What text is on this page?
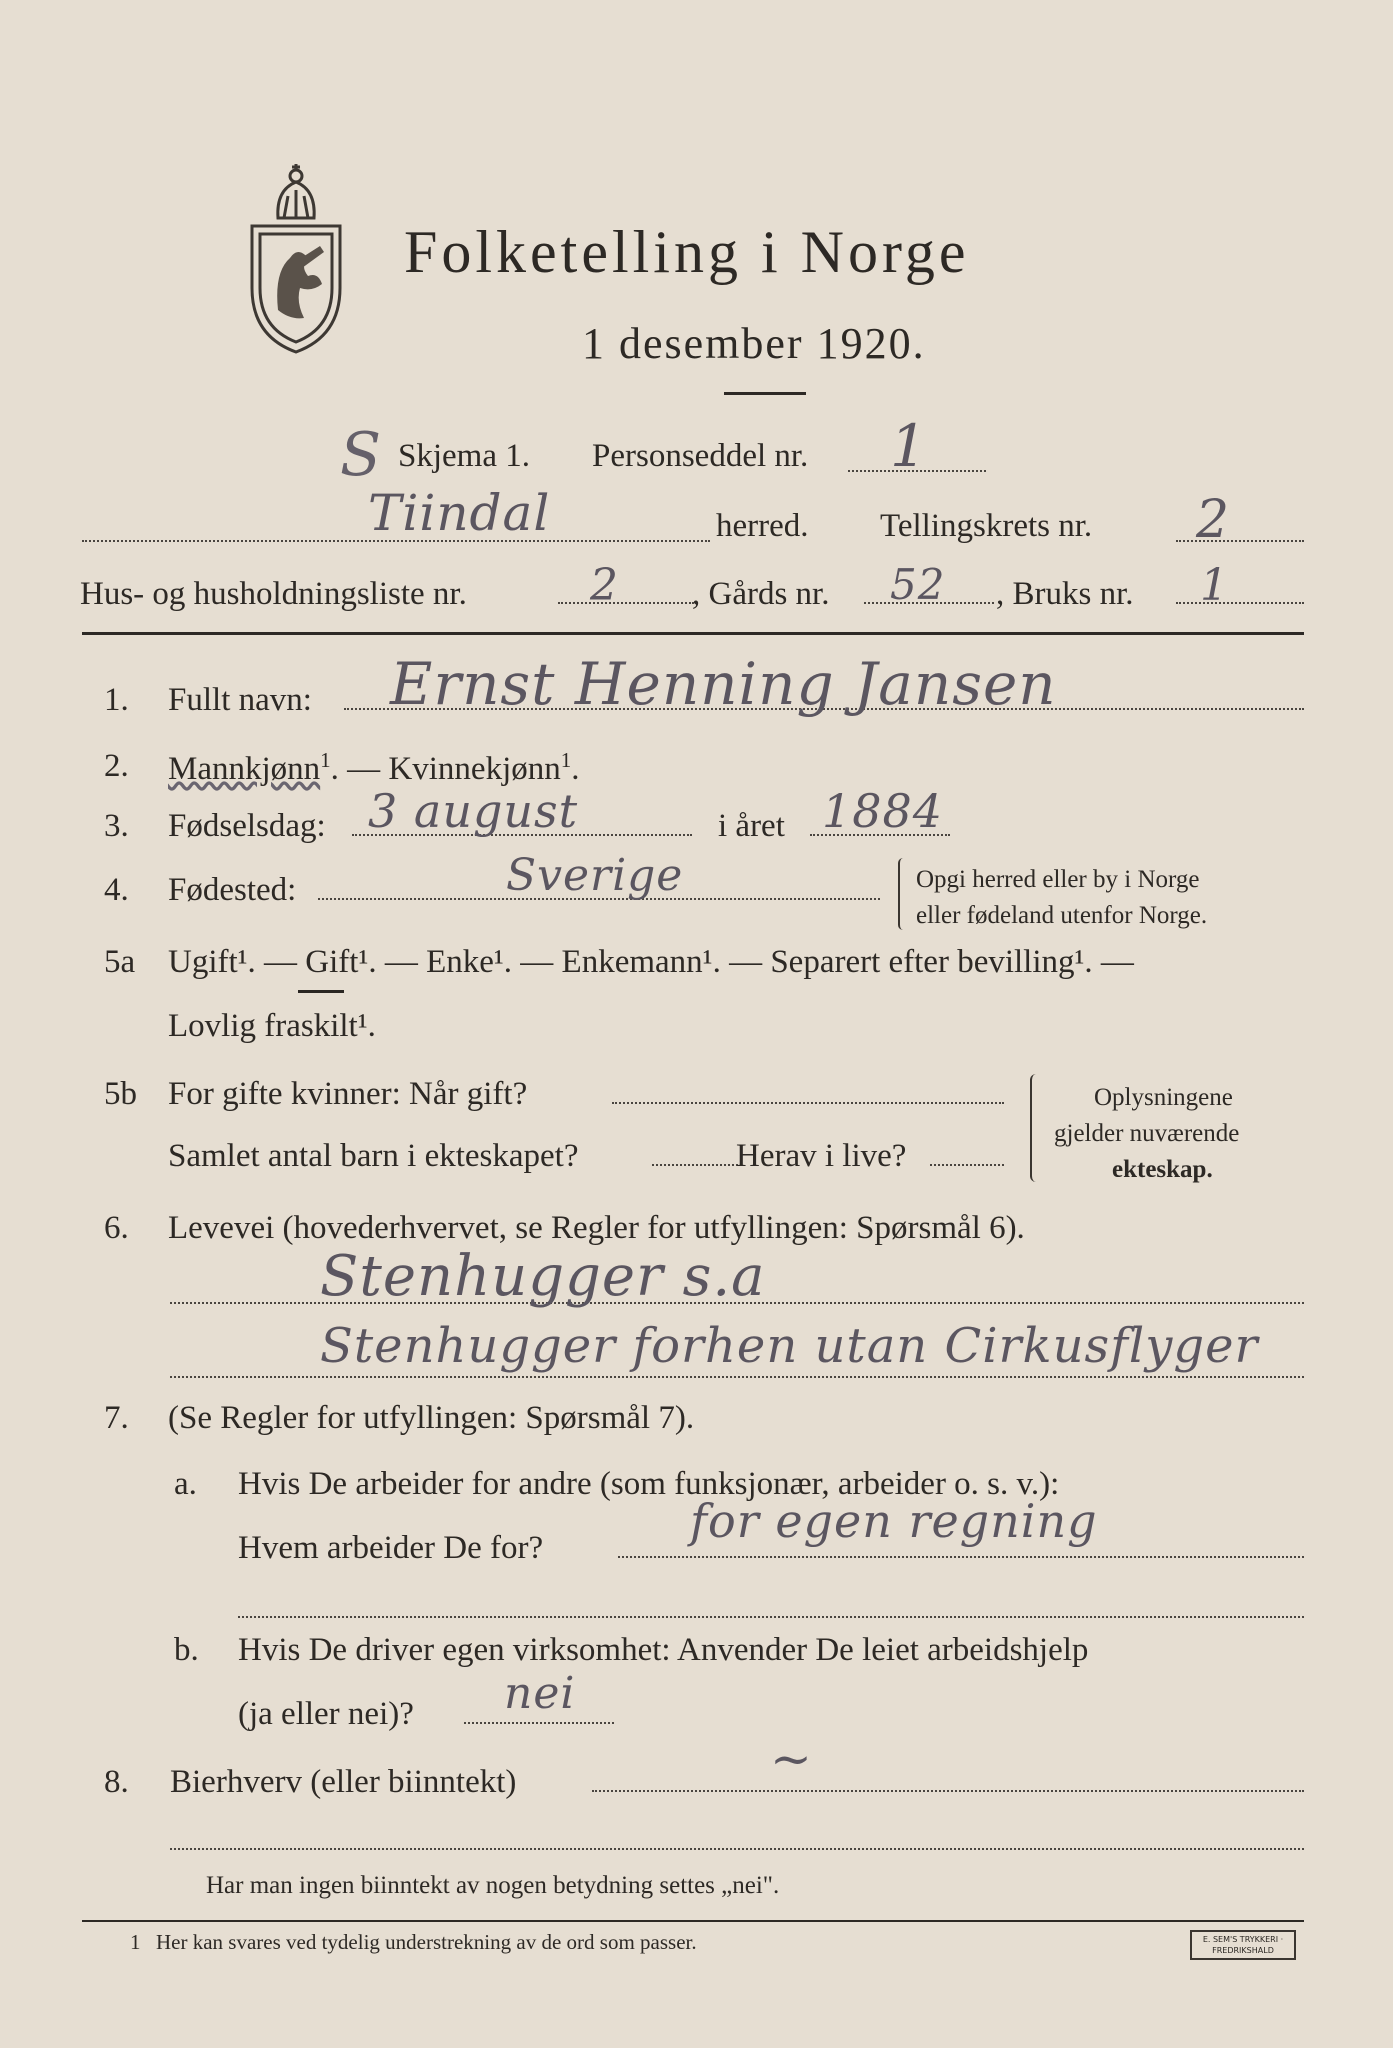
Folketelling i Norge
1 desember 1920.
S Skjema 1. Personseddel nr. 1
Tiindal	herred. Tellingskrets nr. 2
Hus- og husholdningsliste nr.	2 , Gårds nr. 52 , Bruks nr. 1
1. Fullt navn: Ernst Henning Jansen
2. Mannkjønn$^1$. — Kvinnekjønn$^1$.
3. Fødselsdag: 3 august	i året 1884
4. Fødested:	Sverige	Opgi herred eller by i Norge
eller fødeland utenfor Norge.
5a Ugift¹. — Gift¹. — Enke¹. — Enkemann¹. — Separert efter bevilling¹. —
Lovlig fraskilt¹.
5b For gifte kvinner: Når gift?
Samlet antal barn i ekteskapet?	Herav i live?
Oplysningene
gjelder nuværende
ekteskap.
6. Levevei (hovederhvervet, se Regler for utfyllingen: Spørsmål 6).
Stenhugger s.a
Stenhugger forhen utan Cirkusflyger
7. (Se Regler for utfyllingen: Spørsmål 7).
a. Hvis De arbeider for andre (som funksjonær, arbeider o. s. v.):
Hvem arbeider De for?	for egen regning
b. Hvis De driver egen virksomhet: Anvender De leiet arbeidshjelp
(ja eller nei)? nei
8. Bierhverv (eller biinntekt)	~
Har man ingen biinntekt av nogen betydning settes „nei".
1 Her kan svares ved tydelig understrekning av de ord som passer.	E. SEM'S TRYKKERI · FREDRIKSHALD
